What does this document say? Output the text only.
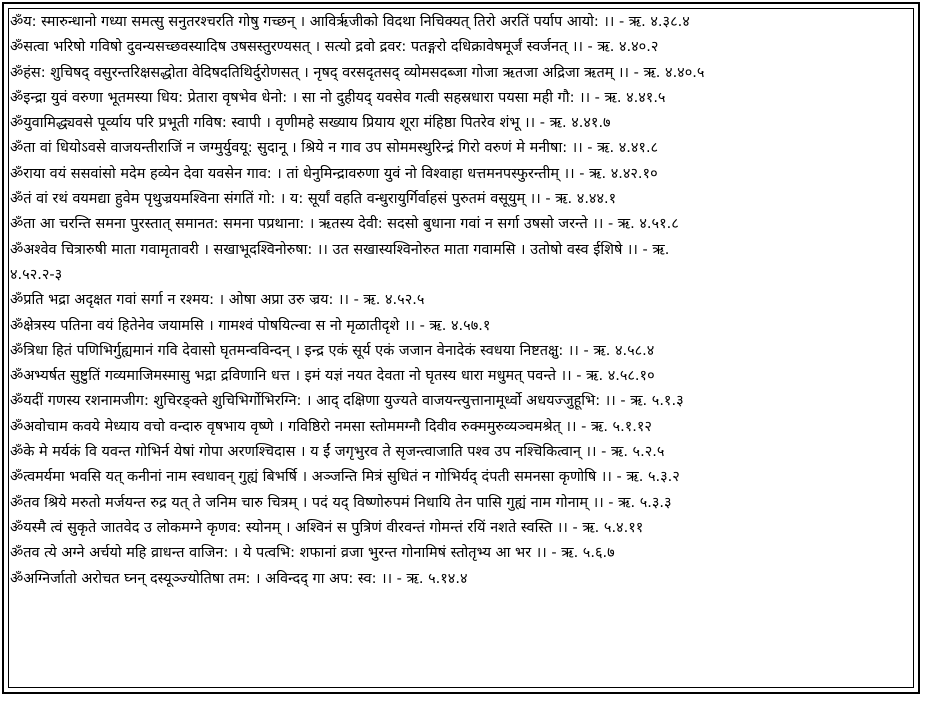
ॐय: स्मारुन्धानो गध्या समत्सु सनुतरश्चरति गोषु गच्छन् । आविर्ऋजीको विदथा निचिक्यत् तिरो अरतिं पर्याप आयो: ।। - ऋ. ४.३८.४
ॐसत्वा भरिषो गविषो दुवन्यसच्छवस्यादिष उषसस्तुरण्यसत् । सत्यो द्रवो द्रवर: पतङ्गरो दधिक्रावेषमूर्जं स्वर्जनत् ।। - ऋ. ४.४०.२
ॐहंस: शुचिषद् वसुरन्तरिक्षसद्धोता वेदिषदतिथिर्दुरोणसत् । नृषद् वरसदृतसद् व्योमसदब्जा गोजा ऋतजा अद्रिजा ऋतम् ।। - ऋ. ४.४०.५
ॐइन्द्रा युवं वरुणा भूतमस्या धिय: प्रेतारा वृषभेव धेनो: । सा नो दुहीयद् यवसेव गत्वी सहस्रधारा पयसा मही गौ: ।। - ऋ. ४.४१.५
ॐयुवामिद्ध्यवसे पूर्व्याय परि प्रभूती गविष: स्वापी । वृणीमहे सख्याय प्रियाय शूरा मंहिष्ठा पितरेव शंभू ।। - ऋ. ४.४१.७
ॐता वां धियोऽवसे वाजयन्तीराजिं न जग्मुर्युवयू: सुदानू । श्रिये न गाव उप सोममस्थुरिन्द्रं गिरो वरुणं मे मनीषा: ।। - ऋ. ४.४१.८
ॐराया वयं ससवांसो मदेम हव्येन देवा यवसेन गाव: । तां धेनुमिन्द्रावरुणा युवं नो विश्वाहा धत्तमनपस्फुरन्तीम् ।। - ऋ. ४.४२.१०
ॐतं वां रथं वयमद्या हुवेम पृथुज्रयमश्विना संगतिं गो: । य: सूर्यां वहति वन्धुरायुर्गिर्वाहसं पुरुतमं वसूयुम् ।। - ऋ. ४.४४.१
ॐता आ चरन्ति समना पुरस्तात् समानत: समना पप्रथाना: । ऋतस्य देवी: सदसो बुधाना गवां न सर्गा उषसो जरन्ते ।। - ऋ. ४.५१.८
ॐअश्वेव चित्रारुषी माता गवामृतावरी । सखाभूदश्विनोरुषा: ।। उत सखास्यश्विनोरुत माता गवामसि । उतोषो वस्व ईशिषे ।। - ऋ.
४.५२.२-३
ॐप्रति भद्रा अदृक्षत गवां सर्गा न रश्मय: । ओषा अप्रा उरु ज्रय: ।। - ऋ. ४.५२.५
ॐक्षेत्रस्य पतिना वयं हितेनेव जयामसि । गामश्वं पोषयित्न्वा स नो मृळातीदृशे ।। - ऋ. ४.५७.१
ॐत्रिधा हितं पणिभिर्गुह्यमानं गवि देवासो घृतमन्वविन्दन् । इन्द्र एकं सूर्य एकं जजान वेनादेकं स्वधया निष्टतक्षु: ।। - ऋ. ४.५८.४
ॐअभ्यर्षत सुष्टुतिं गव्यमाजिमस्मासु भद्रा द्रविणानि धत्त । इमं यज्ञं नयत देवता नो घृतस्य धारा मधुमत् पवन्ते ।। - ऋ. ४.५८.१०
ॐयदीं गणस्य रशनामजीग: शुचिरङ्क्ते शुचिभिर्गोभिरग्नि: । आद् दक्षिणा युज्यते वाजयन्त्युत्तानामूर्ध्वो अधयज्जुहूभि: ।। - ऋ. ५.१.३
ॐअवोचाम कवये मेध्याय वचो वन्दारु वृषभाय वृष्णे । गविष्ठिरो नमसा स्तोममग्नौ दिवीव रुक्ममुरुव्यञ्चमश्रेत् ।। - ऋ. ५.१.१२
ॐके मे मर्यकं वि यवन्त गोभिर्न येषां गोपा अरणश्चिदास । य ईं जगृभुरव ते सृजन्त्वाजाति पश्व उप नश्चिकित्वान् ।। - ऋ. ५.२.५
ॐत्वमर्यमा भवसि यत् कनीनां नाम स्वधावन् गुह्यं बिभर्षि । अञ्जन्ति मित्रं सुधितं न गोभिर्यद् दंपती समनसा कृणोषि ।। - ऋ. ५.३.२
ॐतव श्रिये मरुतो मर्जयन्त रुद्र यत् ते जनिम चारु चित्रम् । पदं यद् विष्णोरुपमं निधायि तेन पासि गुह्यं नाम गोनाम् ।। - ऋ. ५.३.३
ॐयस्मै त्वं सुकृते जातवेद उ लोकमग्ने कृणव: स्योनम् । अश्विनं स पुत्रिणं वीरवन्तं गोमन्तं रयिं नशते स्वस्ति ।। - ऋ. ५.४.११
ॐतव त्ये अग्ने अर्चयो महि व्राधन्त वाजिन: । ये पत्वभि: शफानां व्रजा भुरन्त गोनामिषं स्तोतृभ्य आ भर ।। - ऋ. ५.६.७
ॐअग्निर्जातो अरोचत घ्नन् दस्यूञ्ज्योतिषा तम: । अविन्दद् गा अप: स्व: ।। - ऋ. ५.१४.४
